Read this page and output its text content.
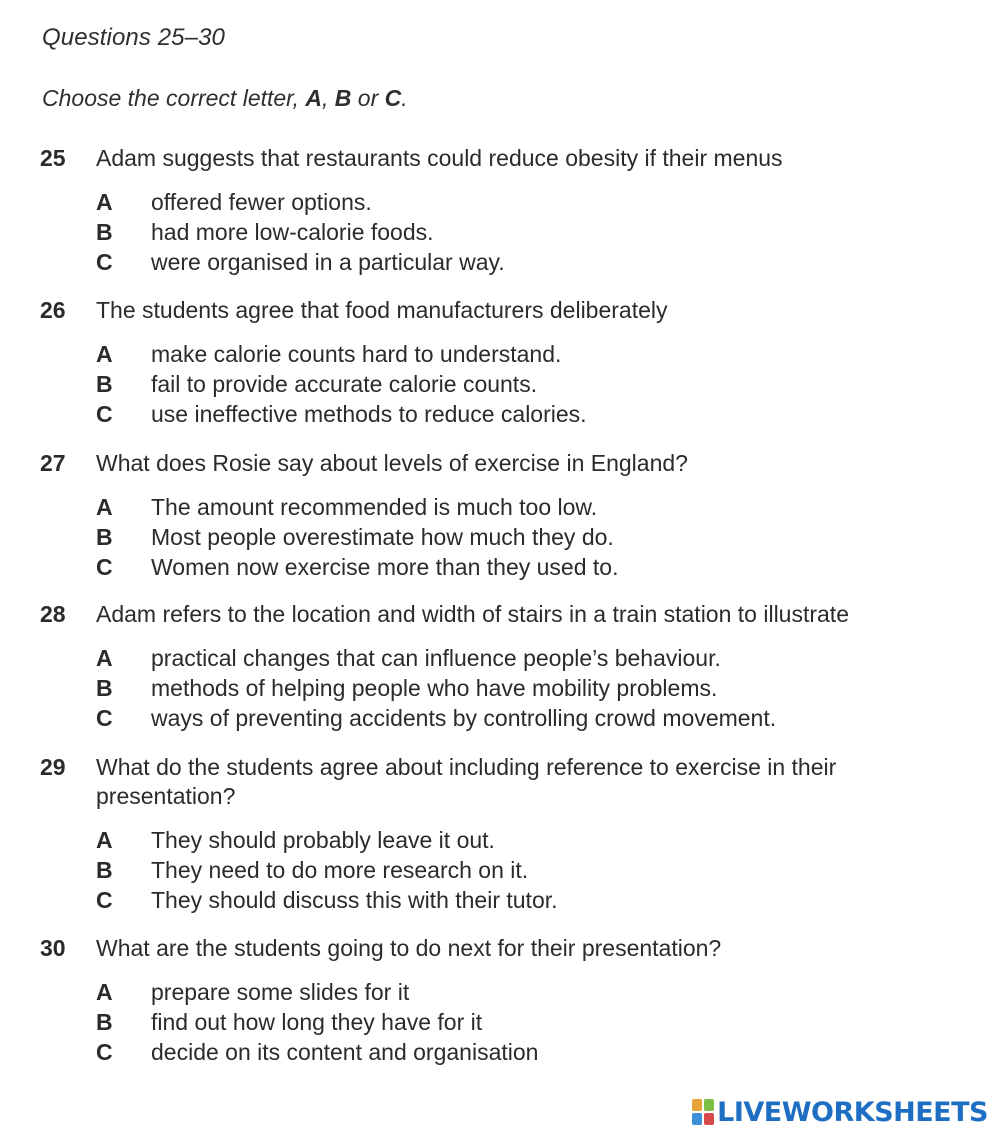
Questions 25–30
Choose the correct letter, A, B or C.
25	Adam suggests that restaurants could reduce obesity if their menus
A	offered fewer options.
B	had more low-calorie foods.
C	were organised in a particular way.
26	The students agree that food manufacturers deliberately
A	make calorie counts hard to understand.
B	fail to provide accurate calorie counts.
C	use ineffective methods to reduce calories.
27	What does Rosie say about levels of exercise in England?
A	The amount recommended is much too low.
B	Most people overestimate how much they do.
C	Women now exercise more than they used to.
28	Adam refers to the location and width of stairs in a train station to illustrate
A	practical changes that can influence people’s behaviour.
B	methods of helping people who have mobility problems.
C	ways of preventing accidents by controlling crowd movement.
29	What do the students agree about including reference to exercise in their presentation?
A	They should probably leave it out.
B	They need to do more research on it.
C	They should discuss this with their tutor.
30	What are the students going to do next for their presentation?
A	prepare some slides for it
B	find out how long they have for it
C	decide on its content and organisation
LIVEWORKSHEETS
